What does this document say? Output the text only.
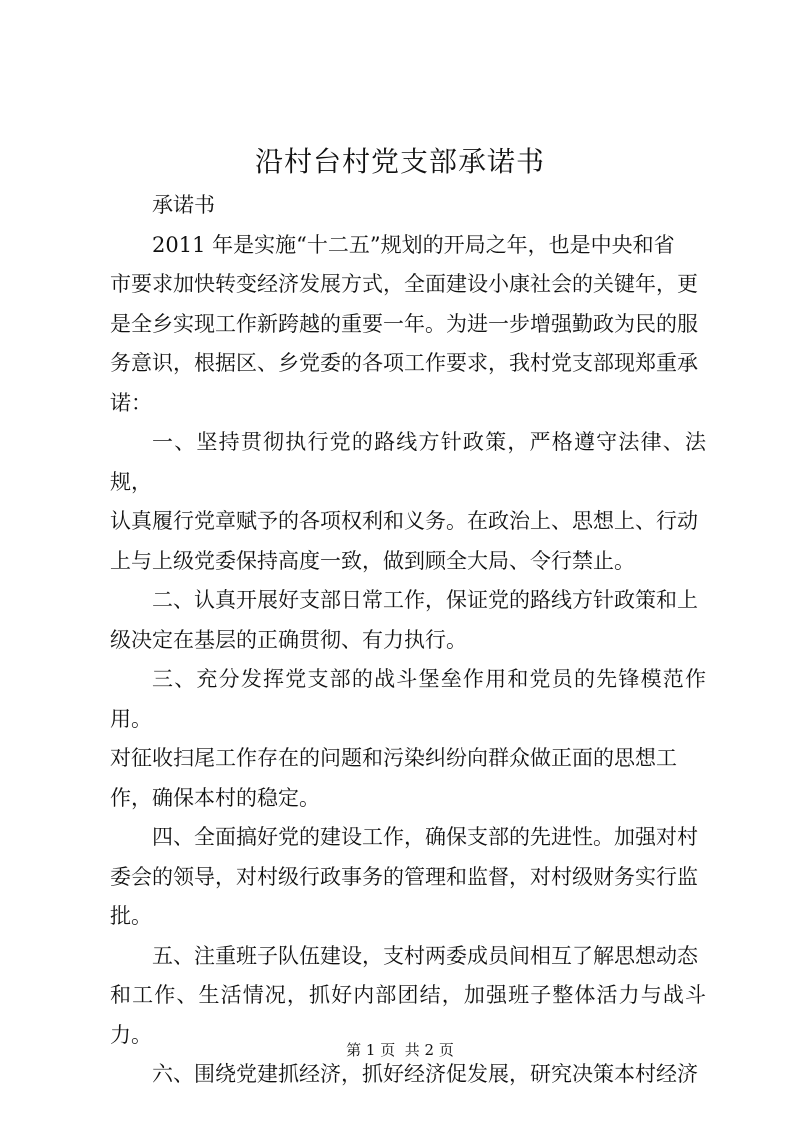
沿村台村党支部承诺书

承诺书

2011 年是实施“十二五”规划的开局之年，也是中央和省
市要求加快转变经济发展方式，全面建设小康社会的关键年，更
是全乡实现工作新跨越的重要一年。为进一步增强勤政为民的服
务意识，根据区、乡党委的各项工作要求，我村党支部现郑重承
诺：

一、坚持贯彻执行党的路线方针政策，严格遵守法律、法规，
认真履行党章赋予的各项权利和义务。在政治上、思想上、行动
上与上级党委保持高度一致，做到顾全大局、令行禁止。

二、认真开展好支部日常工作，保证党的路线方针政策和上
级决定在基层的正确贯彻、有力执行。

三、充分发挥党支部的战斗堡垒作用和党员的先锋模范作用。
对征收扫尾工作存在的问题和污染纠纷向群众做正面的思想工
作，确保本村的稳定。

四、全面搞好党的建设工作，确保支部的先进性。加强对村
委会的领导，对村级行政事务的管理和监督，对村级财务实行监
批。

五、注重班子队伍建设，支村两委成员间相互了解思想动态
和工作、生活情况，抓好内部团结，加强班子整体活力与战斗力。

六、围绕党建抓经济，抓好经济促发展，研究决策本村经济

第 1 页  共 2 页
